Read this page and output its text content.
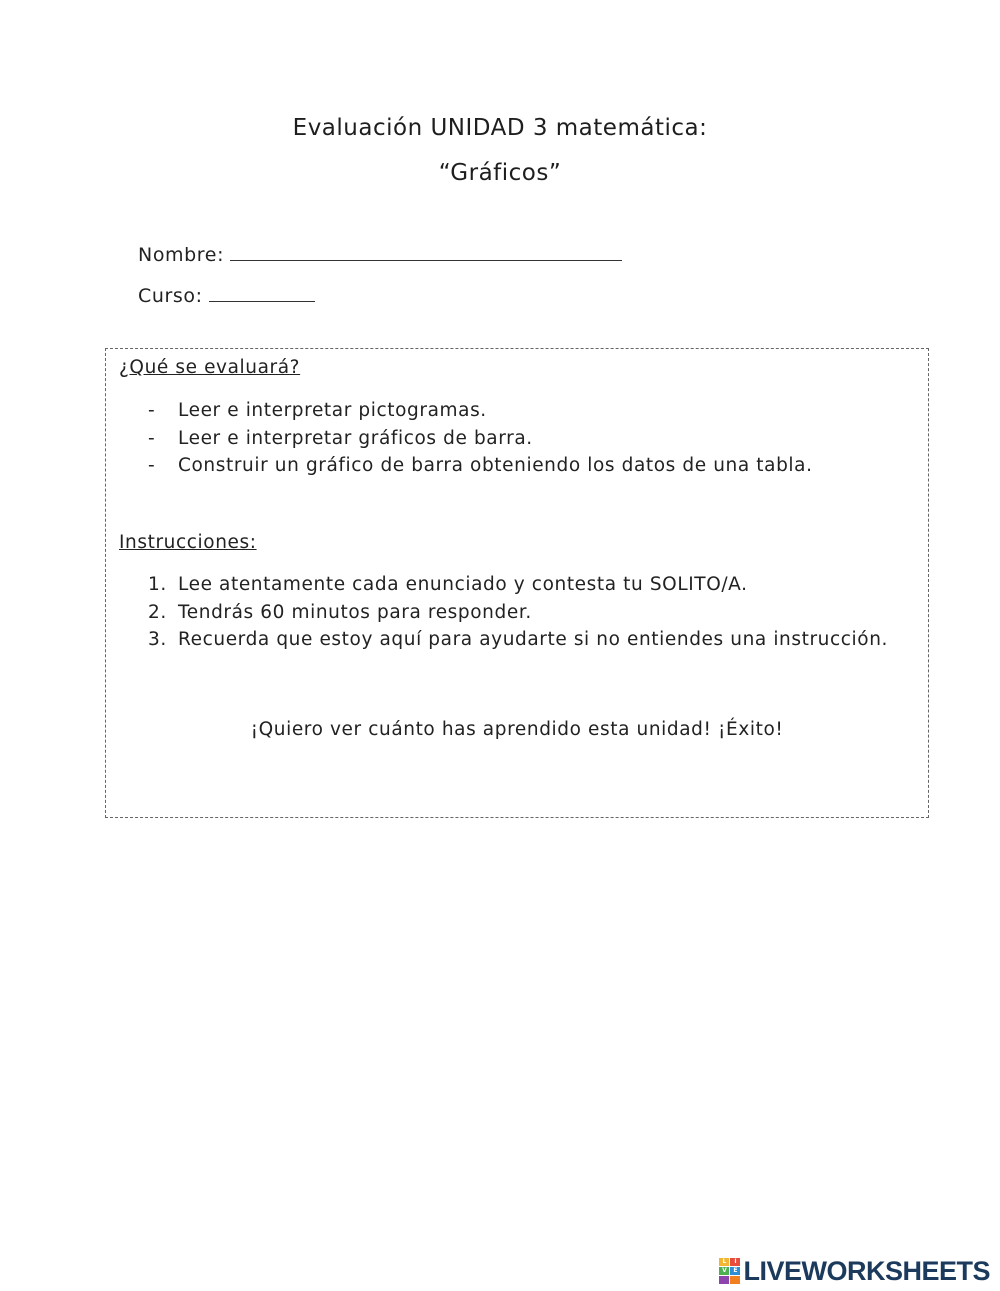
Evaluación UNIDAD 3 matemática:
“Gráficos”
Nombre:
Curso:
¿Qué se evaluará?
- Leer e interpretar pictogramas.
- Leer e interpretar gráficos de barra.
- Construir un gráfico de barra obteniendo los datos de una tabla.
Instrucciones:
1. Lee atentamente cada enunciado y contesta tu SOLITO/A.
2. Tendrás 60 minutos para responder.
3. Recuerda que estoy aquí para ayudarte si no entiendes una instrucción.
¡Quiero ver cuánto has aprendido esta unidad! ¡Éxito!
L	I
V	E LIVEWORKSHEETS
